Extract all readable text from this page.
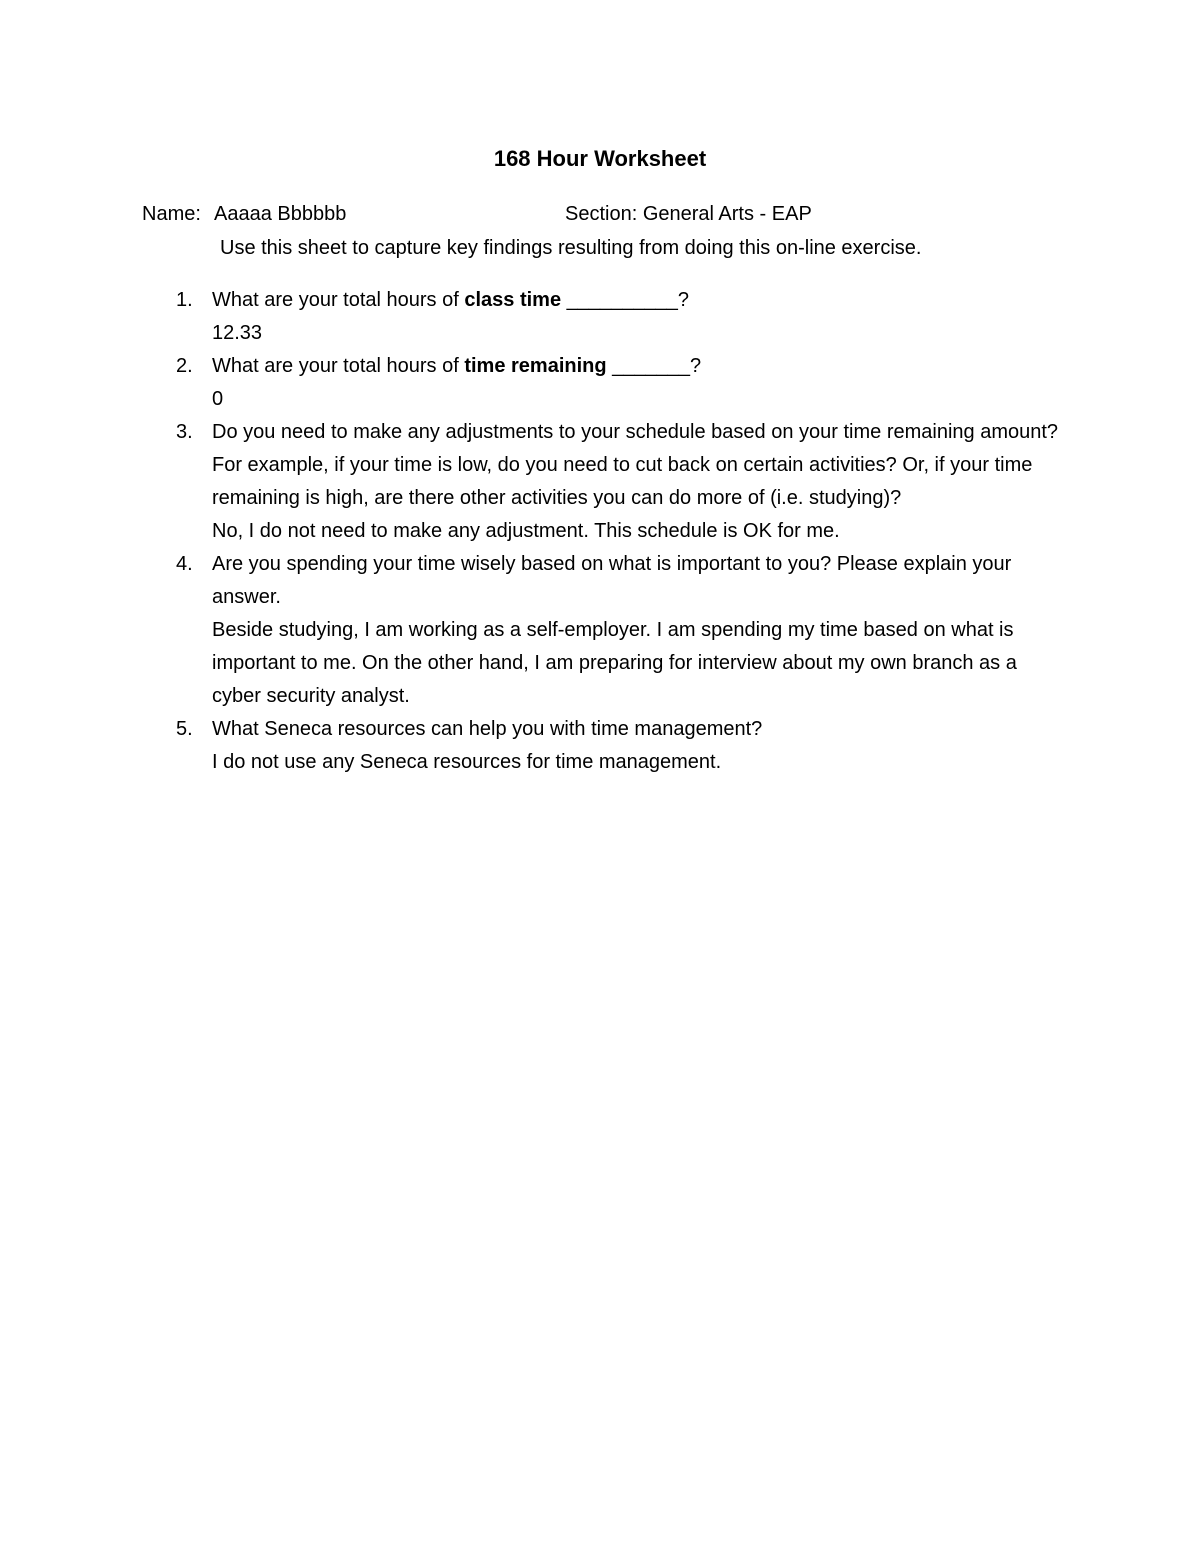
168 Hour Worksheet
Name: Aaaaa Bbbbbb	Section: General Arts - EAP
Use this sheet to capture key findings resulting from doing this on-line exercise.
1. What are your total hours of class time __________?
12.33
2. What are your total hours of time remaining _______?
0
3. Do you need to make any adjustments to your schedule based on your time remaining amount? For example, if your time is low, do you need to cut back on certain activities? Or, if your time remaining is high, are there other activities you can do more of (i.e. studying)?
No, I do not need to make any adjustment. This schedule is OK for me.
4. Are you spending your time wisely based on what is important to you? Please explain your answer.
Beside studying, I am working as a self-employer. I am spending my time based on what is important to me. On the other hand, I am preparing for interview about my own branch as a cyber security analyst.
5. What Seneca resources can help you with time management?
I do not use any Seneca resources for time management.
